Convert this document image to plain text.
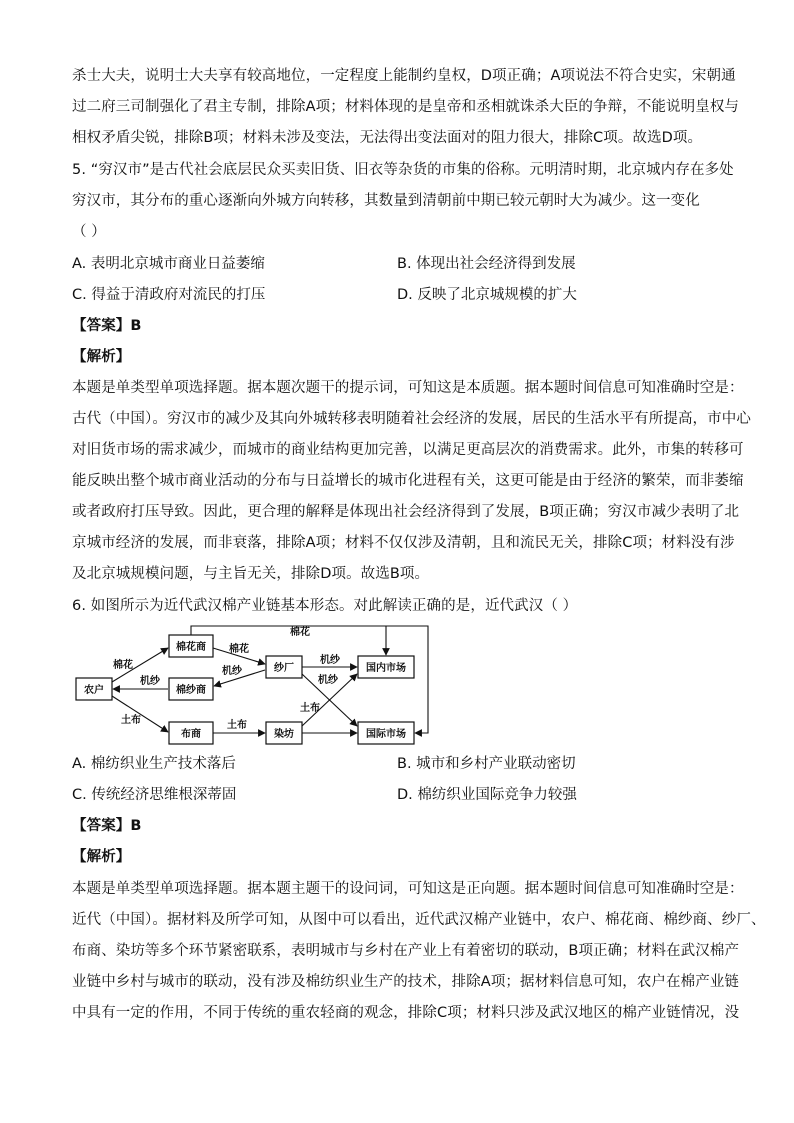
杀士大夫，说明士大夫享有较高地位，一定程度上能制约皇权，D项正确；A项说法不符合史实，宋朝通
过二府三司制强化了君主专制，排除A项；材料体现的是皇帝和丞相就诛杀大臣的争辩，不能说明皇权与
相权矛盾尖锐，排除B项；材料未涉及变法，无法得出变法面对的阻力很大，排除C项。故选D项。
5. “穷汉市”是古代社会底层民众买卖旧货、旧衣等杂货的市集的俗称。元明清时期，北京城内存在多处
穷汉市，其分布的重心逐渐向外城方向转移，其数量到清朝前中期已较元朝时大为减少。这一变化
（ ）
A. 表明北京城市商业日益萎缩	B. 体现出社会经济得到发展
C. 得益于清政府对流民的打压	D. 反映了北京城规模的扩大
【答案】B
【解析】
本题是单类型单项选择题。据本题次题干的提示词，可知这是本质题。据本题时间信息可知准确时空是：
古代（中国）。穷汉市的减少及其向外城转移表明随着社会经济的发展，居民的生活水平有所提高，市中心
对旧货市场的需求减少，而城市的商业结构更加完善，以满足更高层次的消费需求。此外，市集的转移可
能反映出整个城市商业活动的分布与日益增长的城市化进程有关，这更可能是由于经济的繁荣，而非萎缩
或者政府打压导致。因此，更合理的解释是体现出社会经济得到了发展，B项正确；穷汉市减少表明了北
京城市经济的发展，而非衰落，排除A项；材料不仅仅涉及清朝，且和流民无关，排除C项；材料没有涉
及北京城规模问题，与主旨无关，排除D项。故选B项。
6. 如图所示为近代武汉棉产业链基本形态。对此解读正确的是，近代武汉（ ）
农户
棉花商
棉纱商
纱厂	国内市场
布商	染坊	国际市场
棉花
棉花
棉花
机纱
机纱
机纱
机纱
土布	土布
土布
A. 棉纺织业生产技术落后	B. 城市和乡村产业联动密切
C. 传统经济思维根深蒂固	D. 棉纺织业国际竞争力较强
【答案】B
【解析】
本题是单类型单项选择题。据本题主题干的设问词，可知这是正向题。据本题时间信息可知准确时空是：
近代（中国）。据材料及所学可知，从图中可以看出，近代武汉棉产业链中，农户、棉花商、棉纱商、纱厂、
布商、染坊等多个环节紧密联系，表明城市与乡村在产业上有着密切的联动，B项正确；材料在武汉棉产
业链中乡村与城市的联动，没有涉及棉纺织业生产的技术，排除A项；据材料信息可知，农户在棉产业链
中具有一定的作用，不同于传统的重农轻商的观念，排除C项；材料只涉及武汉地区的棉产业链情况，没
